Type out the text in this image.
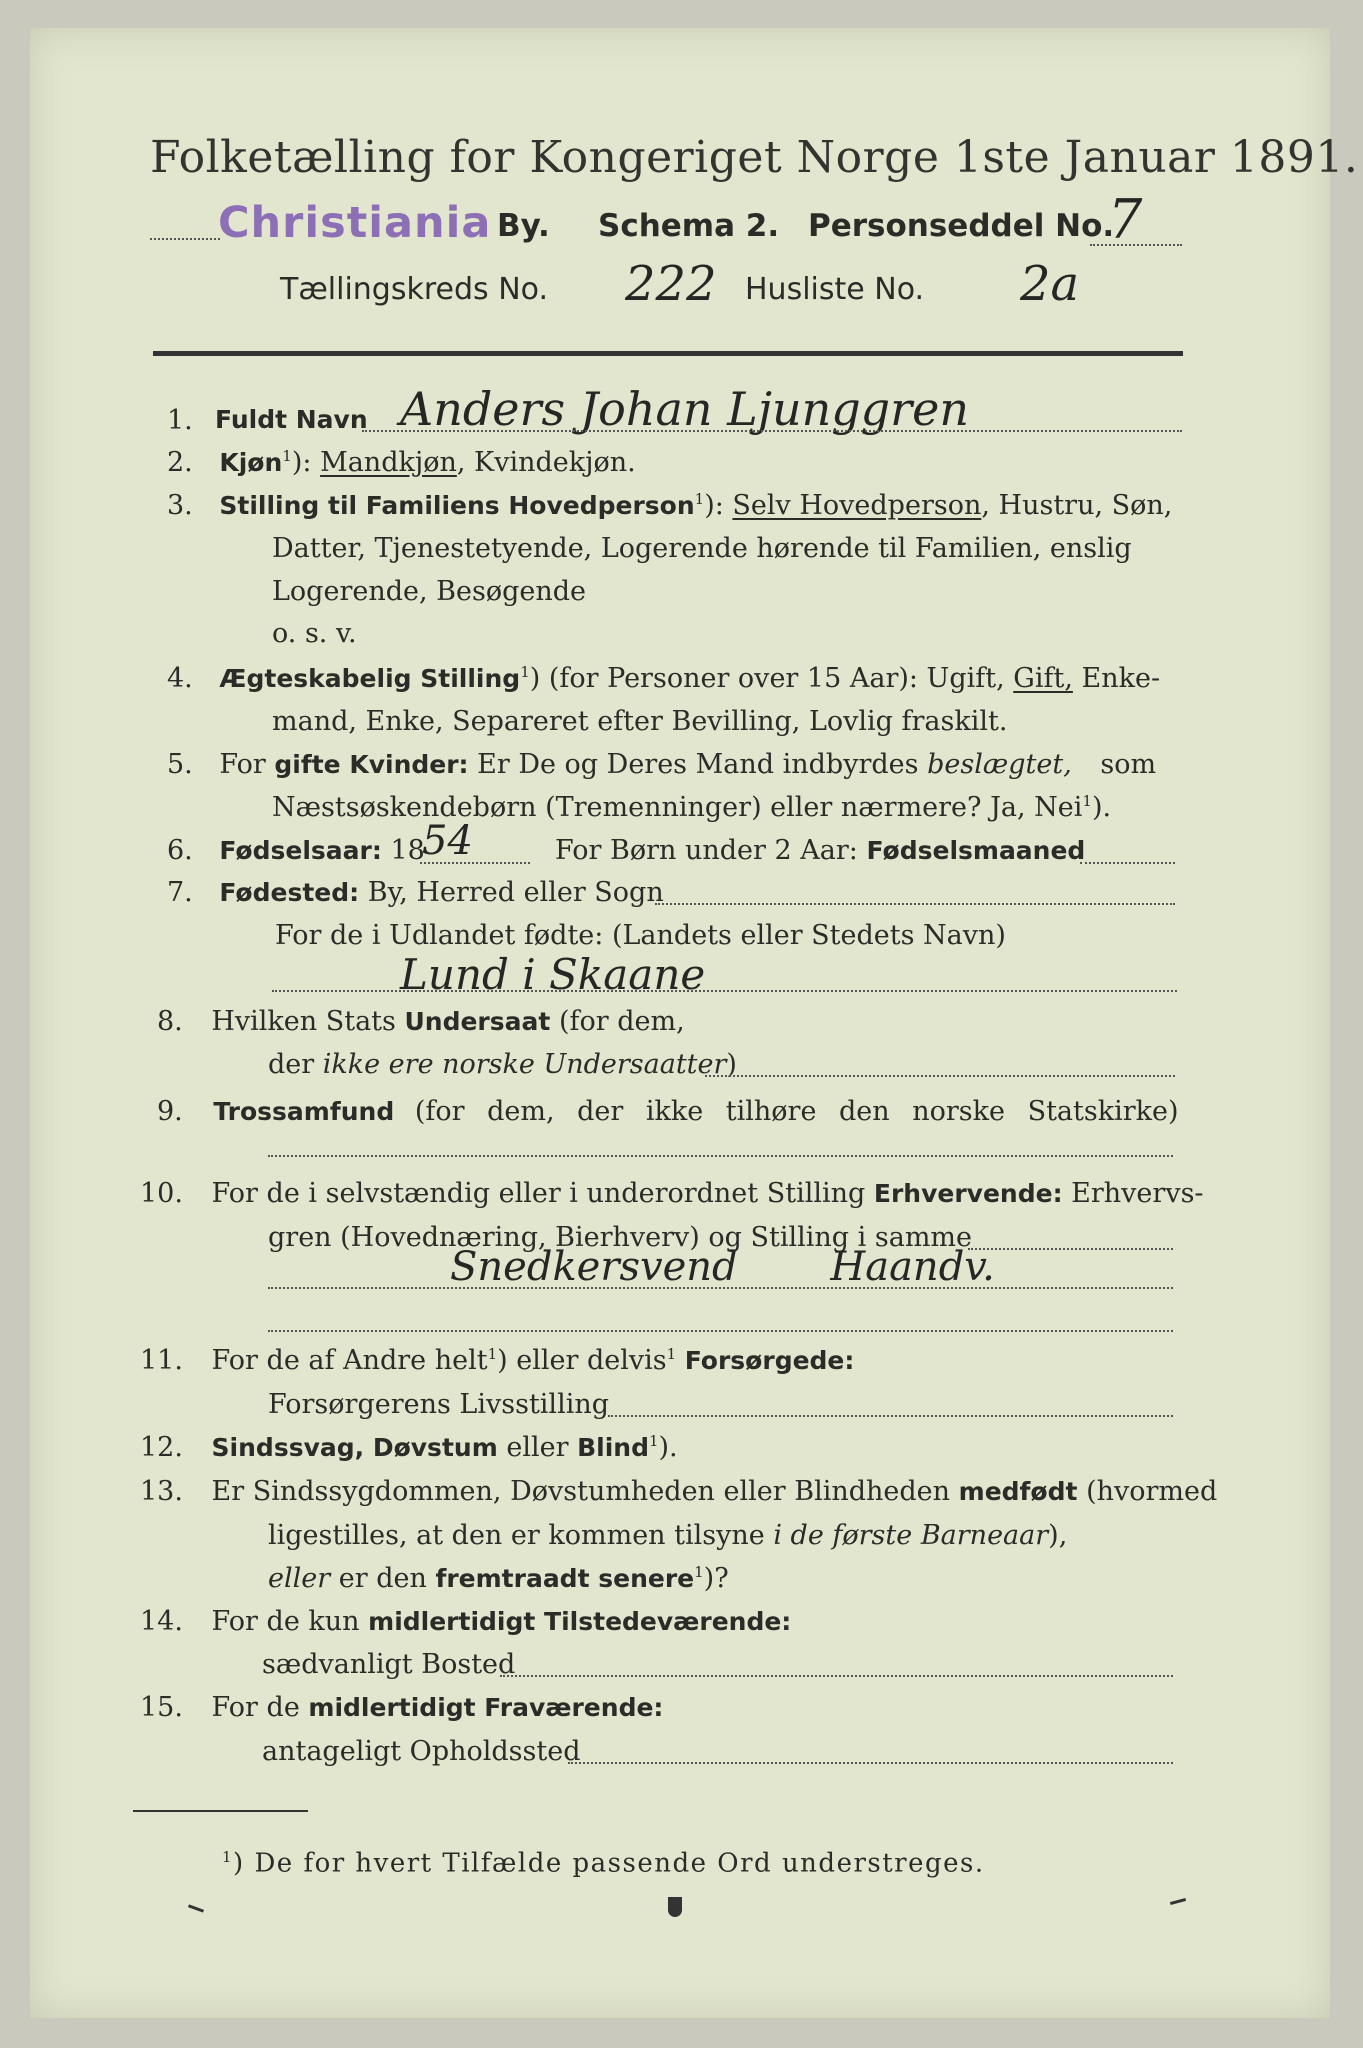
Folketælling for Kongeriget Norge 1ste Januar 1891.
Christiania By. Schema 2. Personseddel No.
7
Tællingskreds No. 222 Husliste No. 2a
1. Fuldt Navn Anders Johan Ljunggren
2. Kjøn$^1$): Mandkjøn, Kvindekjøn.
3. Stilling til Familiens Hovedperson$^1$): Selv Hovedperson, Hustru, Søn,
Datter, Tjenestetyende, Logerende hørende til Familien, enslig
Logerende, Besøgende
o. s. v.
4. Ægteskabelig Stilling$^1$) (for Personer over 15 Aar): Ugift, Gift, Enke-
mand, Enke, Separeret efter Bevilling, Lovlig fraskilt.
5. For gifte Kvinder: Er De og Deres Mand indbyrdes beslægtet, som
Næstsøskendebørn (Tremenninger) eller nærmere? Ja, Nei$^1$).
6. Fødselsaar: 18
54	For Børn under 2 Aar: Fødselsmaaned
7. Fødested: By, Herred eller Sogn
For de i Udlandet fødte: (Landets eller Stedets Navn)
Lund i Skaane
8. Hvilken Stats Undersaat (for dem,
der ikke ere norske Undersaatter)
9. Trossamfund (for dem, der ikke tilhøre den norske Statskirke)
10. For de i selvstændig eller i underordnet Stilling Erhvervende: Erhvervs-
gren (Hovednæring, Bierhverv) og Stilling i samme
Snedkersvend Haandv.
11. For de af Andre helt$^1$) eller delvis$^1$ Forsørgede:
Forsørgerens Livsstilling
12. Sindssvag, Døvstum eller Blind$^1$).
13. Er Sindssygdommen, Døvstumheden eller Blindheden medfødt (hvormed
ligestilles, at den er kommen tilsyne i de første Barneaar),
eller er den fremtraadt senere$^1$)?
14. For de kun midlertidigt Tilstedeværende:
sædvanligt Bosted
15. For de midlertidigt Fraværende:
antageligt Opholdssted
$^1$) De for hvert Tilfælde passende Ord understreges.
